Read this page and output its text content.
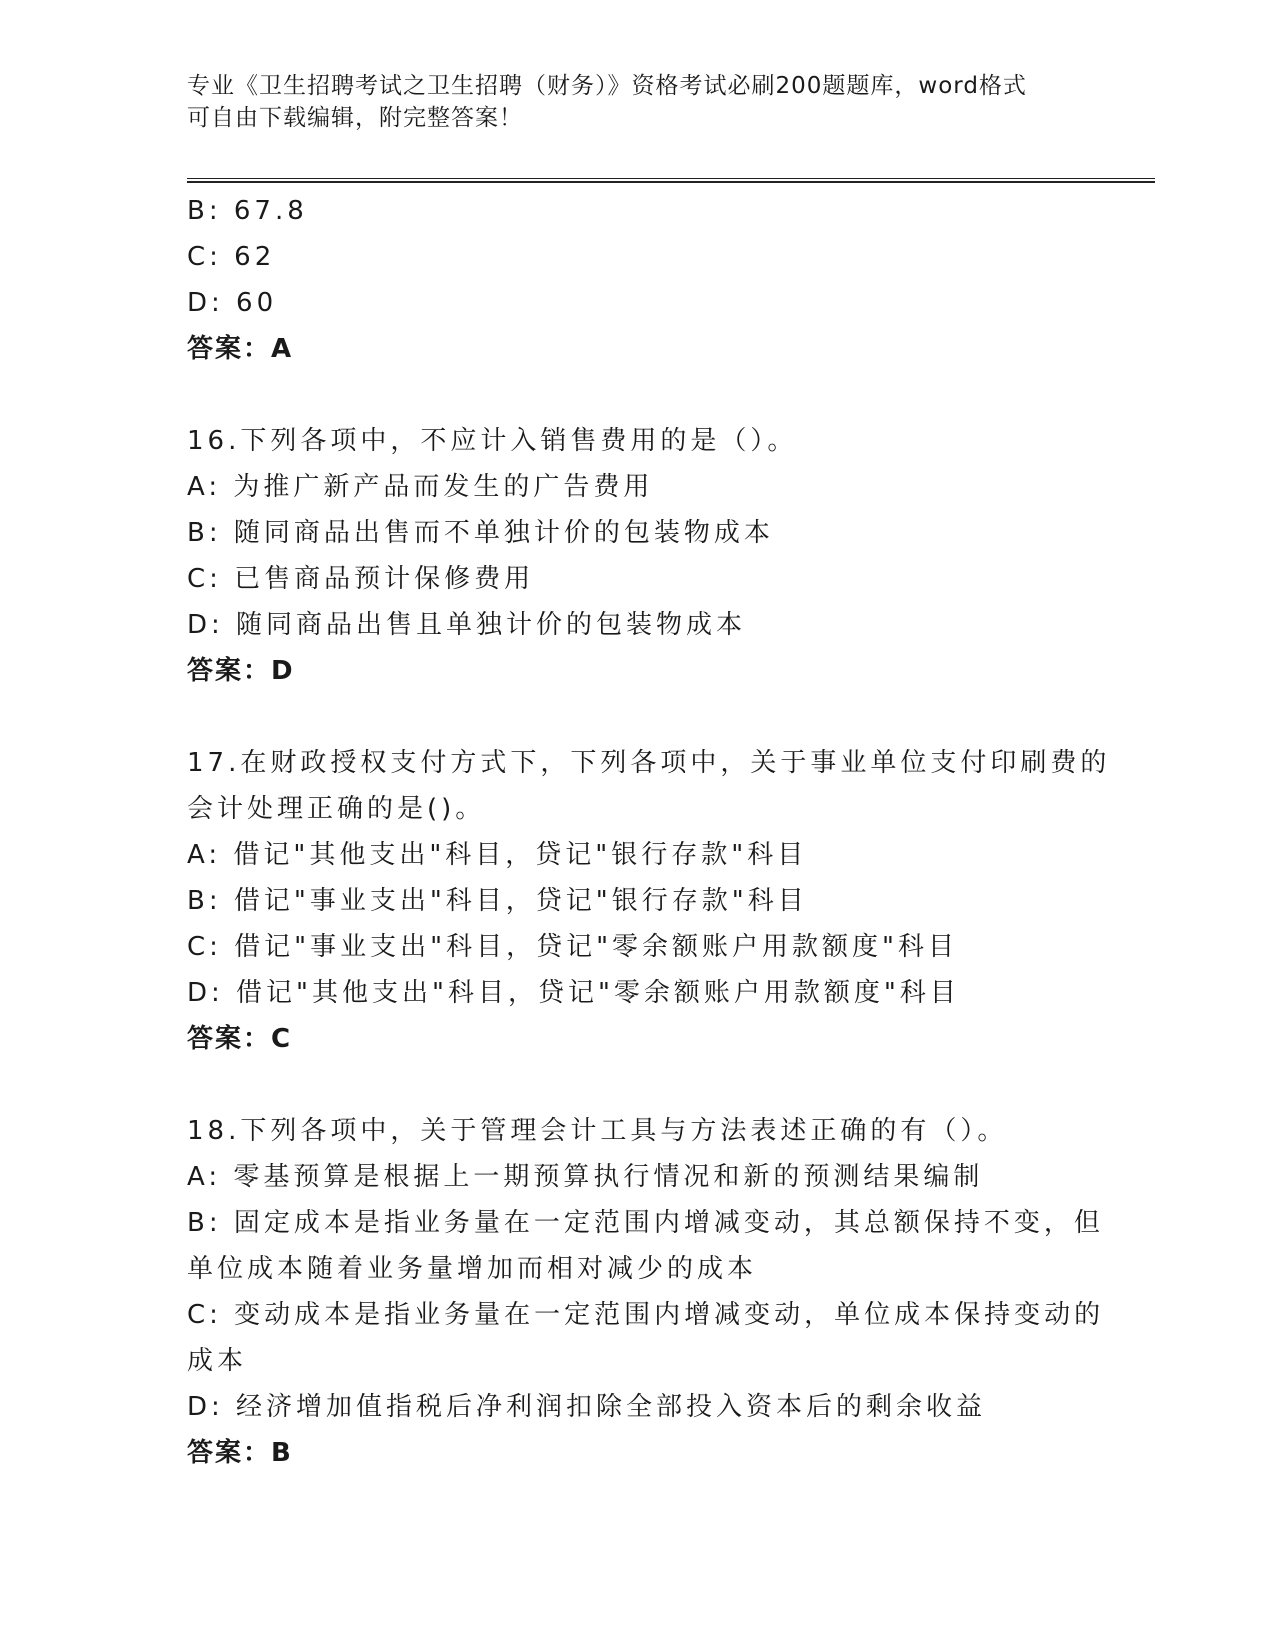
专业《卫生招聘考试之卫生招聘（财务）》资格考试必刷200题题库，word格式
可自由下载编辑，附完整答案！
B: 67.8
C: 62
D: 60
答案：A
16.下列各项中，不应计入销售费用的是（）。
A: 为推广新产品而发生的广告费用
B: 随同商品出售而不单独计价的包装物成本
C: 已售商品预计保修费用
D: 随同商品出售且单独计价的包装物成本
答案：D
17.在财政授权支付方式下，下列各项中，关于事业单位支付印刷费的
会计处理正确的是()。
A: 借记"其他支出"科目，贷记"银行存款"科目
B: 借记"事业支出"科目，贷记"银行存款"科目
C: 借记"事业支出"科目，贷记"零余额账户用款额度"科目
D: 借记"其他支出"科目，贷记"零余额账户用款额度"科目
答案：C
18.下列各项中，关于管理会计工具与方法表述正确的有（）。
A: 零基预算是根据上一期预算执行情况和新的预测结果编制
B: 固定成本是指业务量在一定范围内增减变动，其总额保持不变，但
单位成本随着业务量增加而相对减少的成本
C: 变动成本是指业务量在一定范围内增减变动，单位成本保持变动的
成本
D: 经济增加值指税后净利润扣除全部投入资本后的剩余收益
答案：B
